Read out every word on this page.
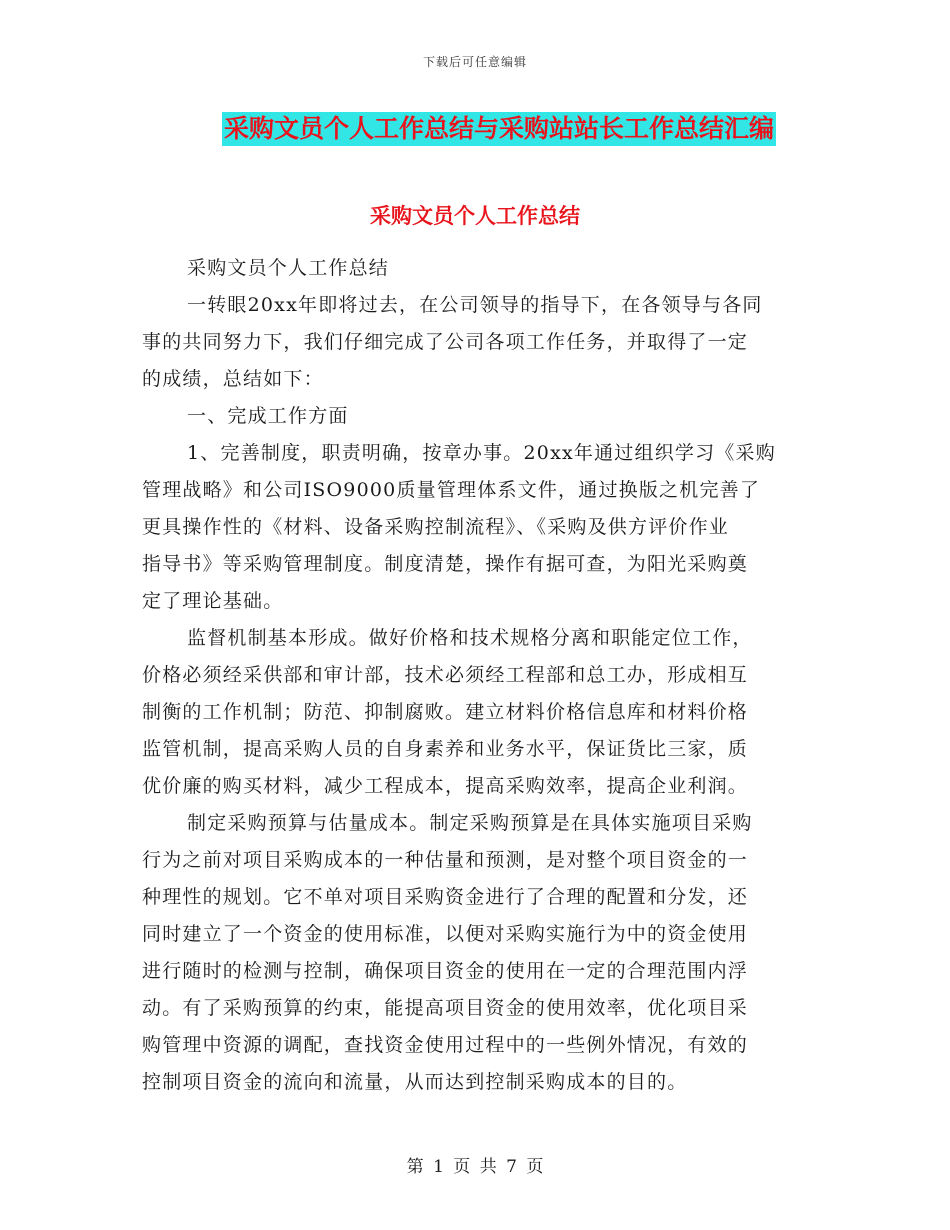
下载后可任意编辑
采购文员个人工作总结与采购站站长工作总结汇编
采购文员个人工作总结
采购文员个人工作总结
一转眼20xx年即将过去，在公司领导的指导下，在各领导与各同
事的共同努力下，我们仔细完成了公司各项工作任务，并取得了一定
的成绩，总结如下：
一、完成工作方面
1、完善制度，职责明确，按章办事。20xx年通过组织学习《采购
管理战略》和公司ISO9000质量管理体系文件，通过换版之机完善了
更具操作性的《材料、设备采购控制流程》、《采购及供方评价作业
指导书》等采购管理制度。制度清楚，操作有据可查，为阳光采购奠
定了理论基础。
监督机制基本形成。做好价格和技术规格分离和职能定位工作，
价格必须经采供部和审计部，技术必须经工程部和总工办，形成相互
制衡的工作机制；防范、抑制腐败。建立材料价格信息库和材料价格
监管机制，提高采购人员的自身素养和业务水平，保证货比三家，质
优价廉的购买材料，减少工程成本，提高采购效率，提高企业利润。
制定采购预算与估量成本。制定采购预算是在具体实施项目采购
行为之前对项目采购成本的一种估量和预测，是对整个项目资金的一
种理性的规划。它不单对项目采购资金进行了合理的配置和分发，还
同时建立了一个资金的使用标准，以便对采购实施行为中的资金使用
进行随时的检测与控制，确保项目资金的使用在一定的合理范围内浮
动。有了采购预算的约束，能提高项目资金的使用效率，优化项目采
购管理中资源的调配，查找资金使用过程中的一些例外情况，有效的
控制项目资金的流向和流量，从而达到控制采购成本的目的。
第 1 页 共 7 页
